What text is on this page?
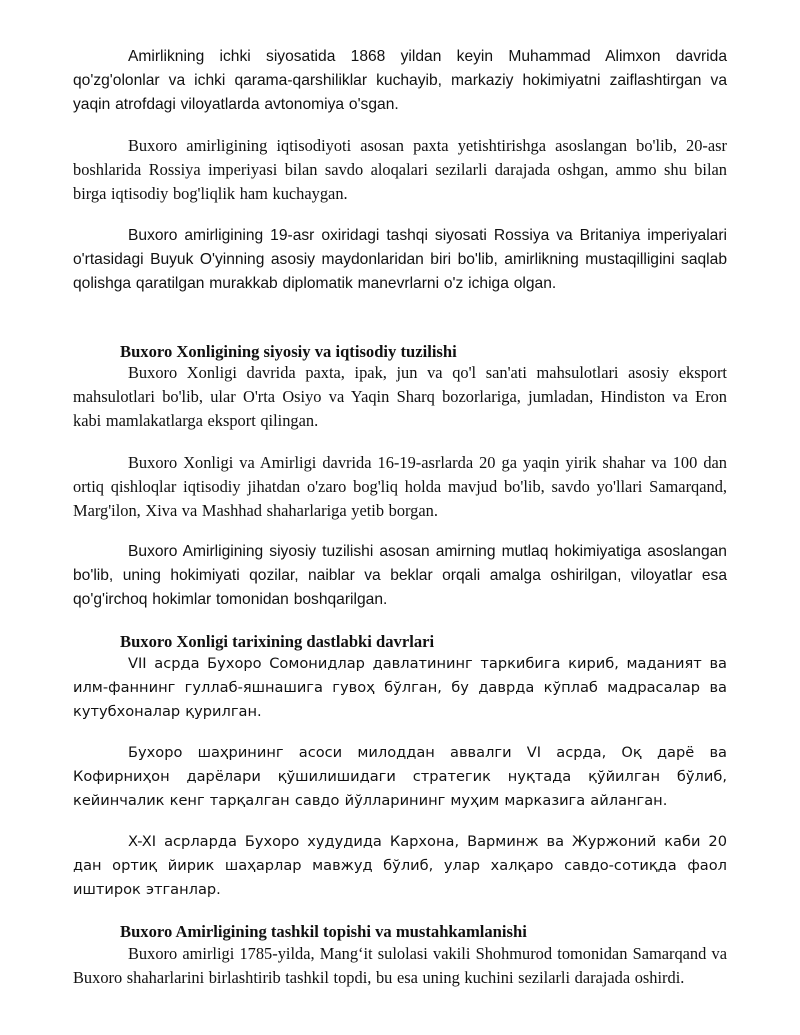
Amirlikning ichki siyosatida 1868 yildan keyin Muhammad Alimxon davrida qo'zg'olonlar va ichki qarama-qarshiliklar kuchayib, markaziy hokimiyatni zaiflashtirgan va yaqin atrofdagi viloyatlarda avtonomiya o'sgan.

Buxoro amirligining iqtisodiyoti asosan paxta yetishtirishga asoslangan bo'lib, 20-asr boshlarida Rossiya imperiyasi bilan savdo aloqalari sezilarli darajada oshgan, ammo shu bilan birga iqtisodiy bog'liqlik ham kuchaygan.

Buxoro amirligining 19-asr oxiridagi tashqi siyosati Rossiya va Britaniya imperiyalari o'rtasidagi Buyuk O'yinning asosiy maydonlaridan biri bo'lib, amirlikning mustaqilligini saqlab qolishga qaratilgan murakkab diplomatik manevrlarni o'z ichiga olgan.

Buxoro Xonligining siyosiy va iqtisodiy tuzilishi

Buxoro Xonligi davrida paxta, ipak, jun va qo'l san'ati mahsulotlari asosiy eksport mahsulotlari bo'lib, ular O'rta Osiyo va Yaqin Sharq bozorlariga, jumladan, Hindiston va Eron kabi mamlakatlarga eksport qilingan.

Buxoro Xonligi va Amirligi davrida 16-19-asrlarda 20 ga yaqin yirik shahar va 100 dan ortiq qishloqlar iqtisodiy jihatdan o'zaro bog'liq holda mavjud bo'lib, savdo yo'llari Samarqand, Marg'ilon, Xiva va Mashhad shaharlariga yetib borgan.

Buxoro Amirligining siyosiy tuzilishi asosan amirning mutlaq hokimiyatiga asoslangan bo'lib, uning hokimiyati qozilar, naiblar va beklar orqali amalga oshirilgan, viloyatlar esa qo'g'irchoq hokimlar tomonidan boshqarilgan.

Buxoro Xonligi tarixining dastlabki davrlari

VII асрда Бухоро Сомонидлар давлатининг таркибига кириб, маданият ва илм-фаннинг гуллаб-яшнашига гувоҳ бўлган, бу даврда кўплаб мадрасалар ва кутубхоналар қурилган.

Бухоро шаҳрининг асоси милоддан аввалги VI асрда, Оқ дарё ва Кофирниҳон дарёлари қўшилишидаги стратегик нуқтада қўйилган бўлиб, кейинчалик кенг тарқалган савдо йўлларининг муҳим марказига айланган.

X-XI асрларда Бухоро худудида Кархона, Варминж ва Журжоний каби 20 дан ортиқ йирик шаҳарлар мавжуд бўлиб, улар халқаро савдо-сотиқда фаол иштирок этганлар.

Buxoro Amirligining tashkil topishi va mustahkamlanishi

Buxoro amirligi 1785-yilda, Mangʻit sulolasi vakili Shohmurod tomonidan Samarqand va Buxoro shaharlarini birlashtirib tashkil topdi, bu esa uning kuchini sezilarli darajada oshirdi.
